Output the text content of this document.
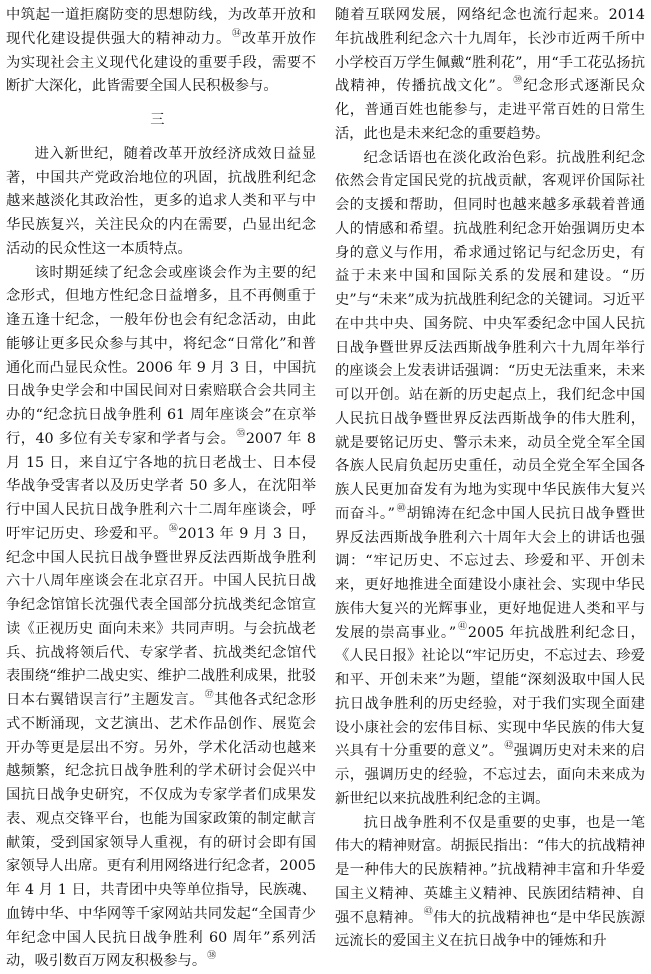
中筑起一道拒腐防变的思想防线，为改革开放和现代化建设提供强大的精神动力。$^㉞$改革开放作为实现社会主义现代化建设的重要手段，需要不断扩大深化，此皆需要全国人民积极参与。

三

进入新世纪，随着改革开放经济成效日益显著，中国共产党政治地位的巩固，抗战胜利纪念越来越淡化其政治性，更多的追求人类和平与中华民族复兴，关注民众的内在需要，凸显出纪念活动的民众性这一本质特点。

该时期延续了纪念会或座谈会作为主要的纪念形式，但地方性纪念日益增多，且不再侧重于逢五逢十纪念，一般年份也会有纪念活动，由此能够让更多民众参与其中，将纪念“日常化”和普通化而凸显民众性。2006 年 9 月 3 日，中国抗日战争史学会和中国民间对日索赔联合会共同主办的“纪念抗日战争胜利 61 周年座谈会”在京举行，40 多位有关专家和学者与会。$^㉟$2007 年 8 月 15 日，来自辽宁各地的抗日老战士、日本侵华战争受害者以及历史学者 50 多人，在沈阳举行中国人民抗日战争胜利六十二周年座谈会，呼吁牢记历史、珍爱和平。$^㊱$2013 年 9 月 3 日，纪念中国人民抗日战争暨世界反法西斯战争胜利六十八周年座谈会在北京召开。中国人民抗日战争纪念馆馆长沈强代表全国部分抗战类纪念馆宣读《正视历史 面向未来》共同声明。与会抗战老兵、抗战将领后代、专家学者、抗战类纪念馆代表围绕“维护二战史实、维护二战胜利成果，批驳日本右翼错误言行”主题发言。$^㊲$其他各式纪念形式不断涌现，文艺演出、艺术作品创作、展览会开办等更是层出不穷。另外，学术化活动也越来越频繁，纪念抗日战争胜利的学术研讨会促兴中国抗日战争史研究，不仅成为专家学者们成果发表、观点交锋平台，也能为国家政策的制定献言献策，受到国家领导人重视，有的研讨会即有国家领导人出席。更有利用网络进行纪念者，2005 年 4 月 1 日，共青团中央等单位指导，民族魂、血铸中华、中华网等千家网站共同发起“全国青少年纪念中国人民抗日战争胜利 60 周年”系列活动，吸引数百万网友积极参与。$^㊳$

随着互联网发展，网络纪念也流行起来。2014 年抗战胜利纪念六十九周年，长沙市近两千所中小学校百万学生佩戴“胜利花”，用“手工花弘扬抗战精神，传播抗战文化”。$^㊴$纪念形式逐渐民众化，普通百姓也能参与，走进平常百姓的日常生活，此也是未来纪念的重要趋势。

纪念话语也在淡化政治色彩。抗战胜利纪念依然会肯定国民党的抗战贡献，客观评价国际社会的支援和帮助，但同时也越来越多承载着普通人的情感和希望。抗战胜利纪念开始强调历史本身的意义与作用，希求通过铭记与纪念历史，有益于未来中国和国际关系的发展和建设。“历史”与“未来”成为抗战胜利纪念的关键词。习近平在中共中央、国务院、中央军委纪念中国人民抗日战争暨世界反法西斯战争胜利六十九周年举行的座谈会上发表讲话强调：“历史无法重来，未来可以开创。站在新的历史起点上，我们纪念中国人民抗日战争暨世界反法西斯战争的伟大胜利，就是要铭记历史、警示未来，动员全党全军全国各族人民肩负起历史重任，动员全党全军全国各族人民更加奋发有为地为实现中华民族伟大复兴而奋斗。”$^㊵$胡锦涛在纪念中国人民抗日战争暨世界反法西斯战争胜利六十周年大会上的讲话也强调：“牢记历史、不忘过去、珍爱和平、开创未来，更好地推进全面建设小康社会、实现中华民族伟大复兴的光辉事业，更好地促进人类和平与发展的崇高事业。”$^㊶$2005 年抗战胜利纪念日，《人民日报》社论以“牢记历史，不忘过去、珍爱和平、开创未来”为题，望能“深刻汲取中国人民抗日战争胜利的历史经验，对于我们实现全面建设小康社会的宏伟目标、实现中华民族的伟大复兴具有十分重要的意义”。$^㊷$强调历史对未来的启示，强调历史的经验，不忘过去，面向未来成为新世纪以来抗战胜利纪念的主调。

抗日战争胜利不仅是重要的史事，也是一笔伟大的精神财富。胡振民指出：“伟大的抗战精神是一种伟大的民族精神。”抗战精神丰富和升华爱国主义精神、英雄主义精神、民族团结精神、自强不息精神。$^㊸$伟大的抗战精神也“是中华民族源远流长的爱国主义在抗日战争中的锤炼和升
